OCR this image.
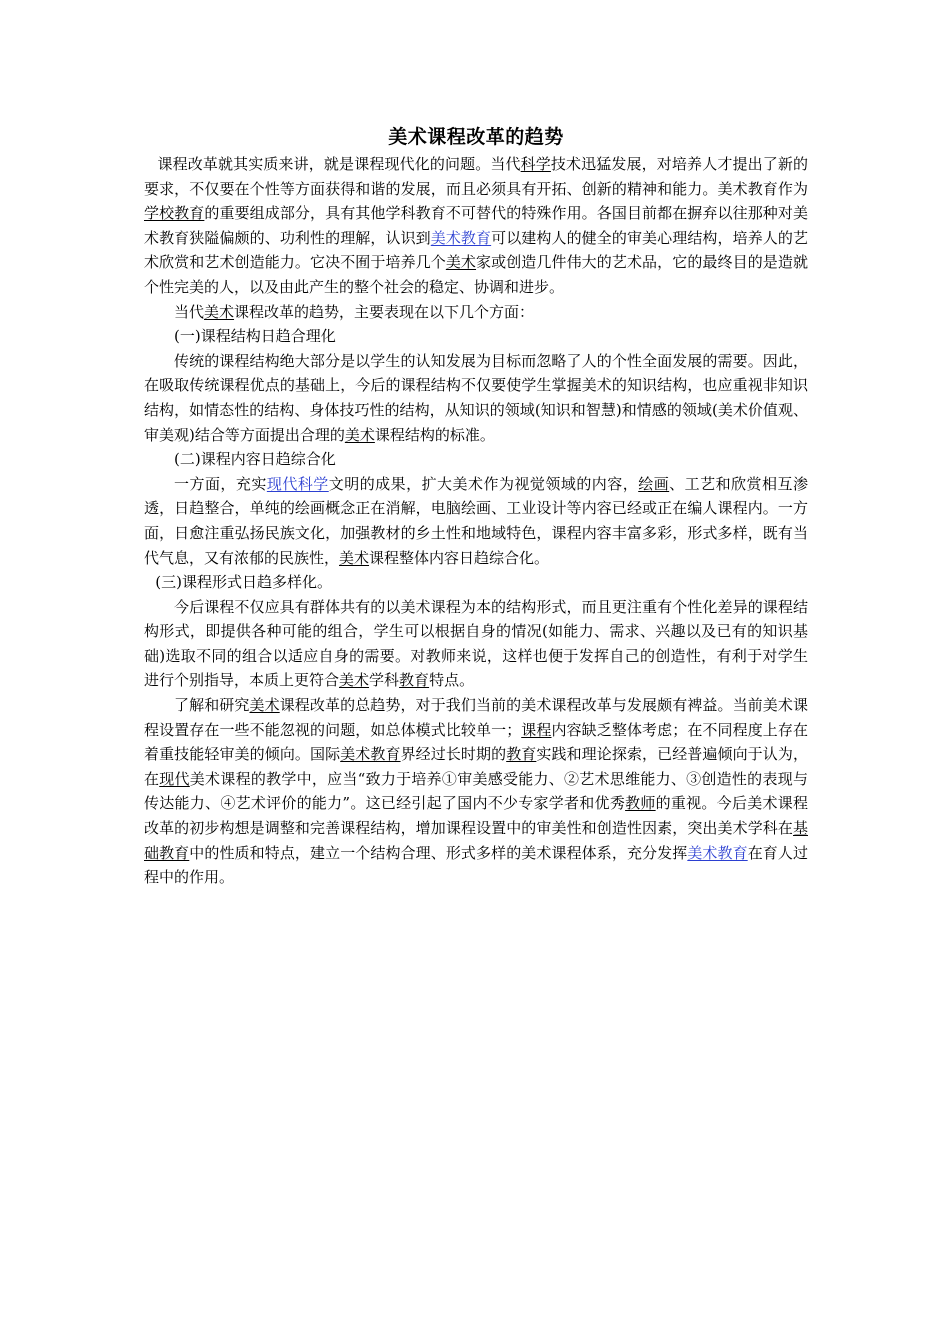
美术课程改革的趋势

课程改革就其实质来讲，就是课程现代化的问题。当代科学技术迅猛发展，对培养人才提出了新的要求，不仅要在个性等方面获得和谐的发展，而且必须具有开拓、创新的精神和能力。美术教育作为学校教育的重要组成部分，具有其他学科教育不可替代的特殊作用。各国目前都在摒弃以往那种对美术教育狭隘偏颇的、功利性的理解，认识到美术教育可以建构人的健全的审美心理结构，培养人的艺术欣赏和艺术创造能力。它决不囿于培养几个美术家或创造几件伟大的艺术品，它的最终目的是造就个性完美的人，以及由此产生的整个社会的稳定、协调和进步。

当代美术课程改革的趋势，主要表现在以下几个方面：

(一)课程结构日趋合理化

传统的课程结构绝大部分是以学生的认知发展为目标而忽略了人的个性全面发展的需要。因此，在吸取传统课程优点的基础上，今后的课程结构不仅要使学生掌握美术的知识结构，也应重视非知识结构，如情态性的结构、身体技巧性的结构，从知识的领域(知识和智慧)和情感的领域(美术价值观、审美观)结合等方面提出合理的美术课程结构的标准。

(二)课程内容日趋综合化

一方面，充实现代科学文明的成果，扩大美术作为视觉领域的内容，绘画、工艺和欣赏相互渗透，日趋整合，单纯的绘画概念正在消解，电脑绘画、工业设计等内容已经或正在编人课程内。一方面，日愈注重弘扬民族文化，加强教材的乡土性和地域特色，课程内容丰富多彩，形式多样，既有当代气息，又有浓郁的民族性，美术课程整体内容日趋综合化。

(三)课程形式日趋多样化。

今后课程不仅应具有群体共有的以美术课程为本的结构形式，而且更注重有个性化差异的课程结构形式，即提供各种可能的组合，学生可以根据自身的情况(如能力、需求、兴趣以及已有的知识基础)选取不同的组合以适应自身的需要。对教师来说，这样也便于发挥自己的创造性，有利于对学生进行个别指导，本质上更符合美术学科教育特点。

了解和研究美术课程改革的总趋势，对于我们当前的美术课程改革与发展颇有裨益。当前美术课程设置存在一些不能忽视的问题，如总体模式比较单一；课程内容缺乏整体考虑；在不同程度上存在着重技能轻审美的倾向。国际美术教育界经过长时期的教育实践和理论探索，已经普遍倾向于认为，在现代美术课程的教学中，应当“致力于培养①审美感受能力、②艺术思维能力、③创造性的表现与传达能力、④艺术评价的能力”。这已经引起了国内不少专家学者和优秀教师的重视。今后美术课程改革的初步构想是调整和完善课程结构，增加课程设置中的审美性和创造性因素，突出美术学科在基础教育中的性质和特点，建立一个结构合理、形式多样的美术课程体系，充分发挥美术教育在育人过程中的作用。
